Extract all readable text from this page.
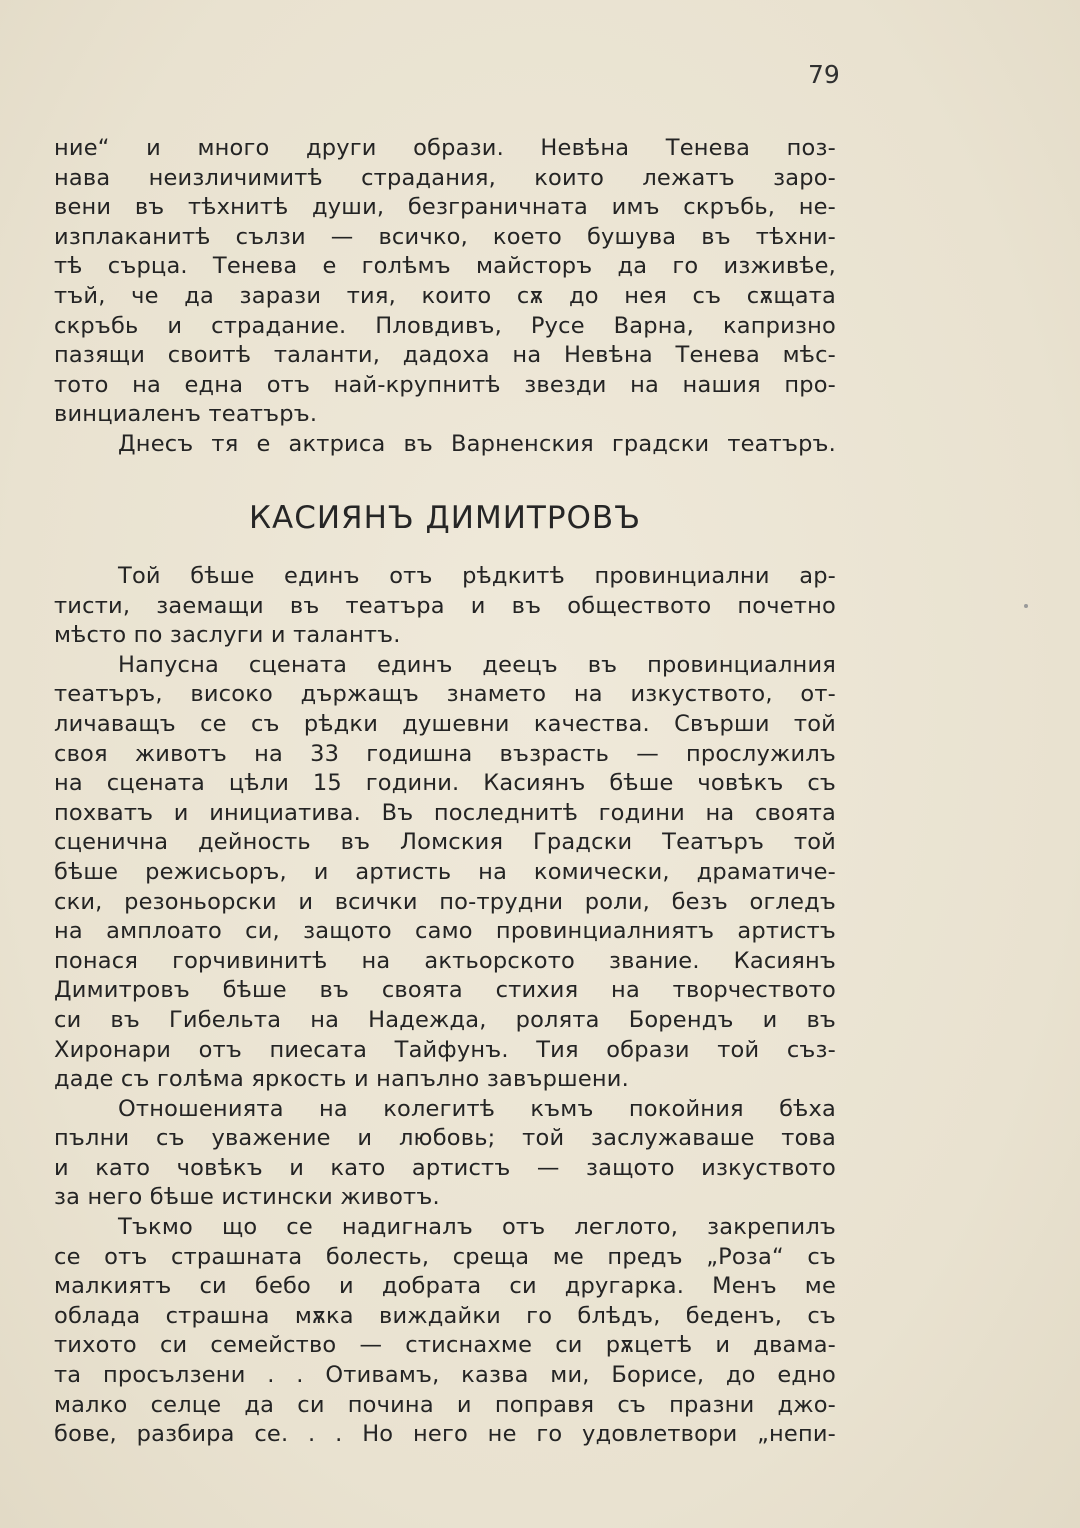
79
ние“ и много други образи. Невѣна Тенева поз-
нава неизличимитѣ страдания, които лежатъ заро-
вени въ тѣхнитѣ души, безграничната имъ скръбь, не-
изплаканитѣ сълзи — всичко, което бушува въ тѣхни-
тѣ сърца. Тенева е голѣмъ майсторъ да го изживѣе,
тъй, че да зарази тия, които сѫ до нея съ сѫщата
скръбь и страдание. Пловдивъ, Русе Варна, капризно
пазящи своитѣ таланти, дадоха на Невѣна Тенева мѣс-
тото на една отъ най-крупнитѣ звезди на нашия про-
винциаленъ театъръ.
Днесъ тя е актриса въ Варненския градски театъръ.
КАСИЯНЪ ДИМИТРОВЪ
Той бѣше единъ отъ рѣдкитѣ провинциални ар-
тисти, заемащи въ театъра и въ обществото почетно
мѣсто по заслуги и талантъ.
Напусна сцената единъ деецъ въ провинциалния
театъръ, високо държащъ знамето на изкуството, от-
личаващъ се съ рѣдки душевни качества. Свърши той
своя животъ на 33 годишна възрасть — прослужилъ
на сцената цѣли 15 години. Касиянъ бѣше човѣкъ съ
похватъ и инициатива. Въ последнитѣ години на своята
сценична дейность въ Ломския Градски Театъръ той
бѣше режисьоръ, и артисть на комически, драматиче-
ски, резоньорски и всички по-трудни роли, безъ огледъ
на амплоато си, защото само провинциалниятъ артистъ
понася горчивинитѣ на актьорското звание. Касиянъ
Димитровъ бѣше въ своята стихия на творчеството
си въ Гибельта на Надежда, ролята Борендъ и въ
Хиронари отъ пиесата Тайфунъ. Тия образи той съз-
даде съ голѣма яркость и напълно завършени.
Отношенията на колегитѣ къмъ покойния бѣха
пълни съ уважение и любовь; той заслужаваше това
и като човѣкъ и като артистъ — защото изкуството
за него бѣше истински животъ.
Тъкмо що се надигналъ отъ леглото, закрепилъ
се отъ страшната болесть, среща ме предъ „Роза“ съ
малкиятъ си бебо и добрата си другарка. Менъ ме
облада страшна мѫка виждайки го блѣдъ, беденъ, съ
тихото си семейство — стиснахме си рѫцетѣ и двама-
та просълзени . . Отивамъ, казва ми, Борисе, до едно
малко селце да си почина и поправя съ празни джо-
бове, разбира се. . . Но него не го удовлетвори „непи-
